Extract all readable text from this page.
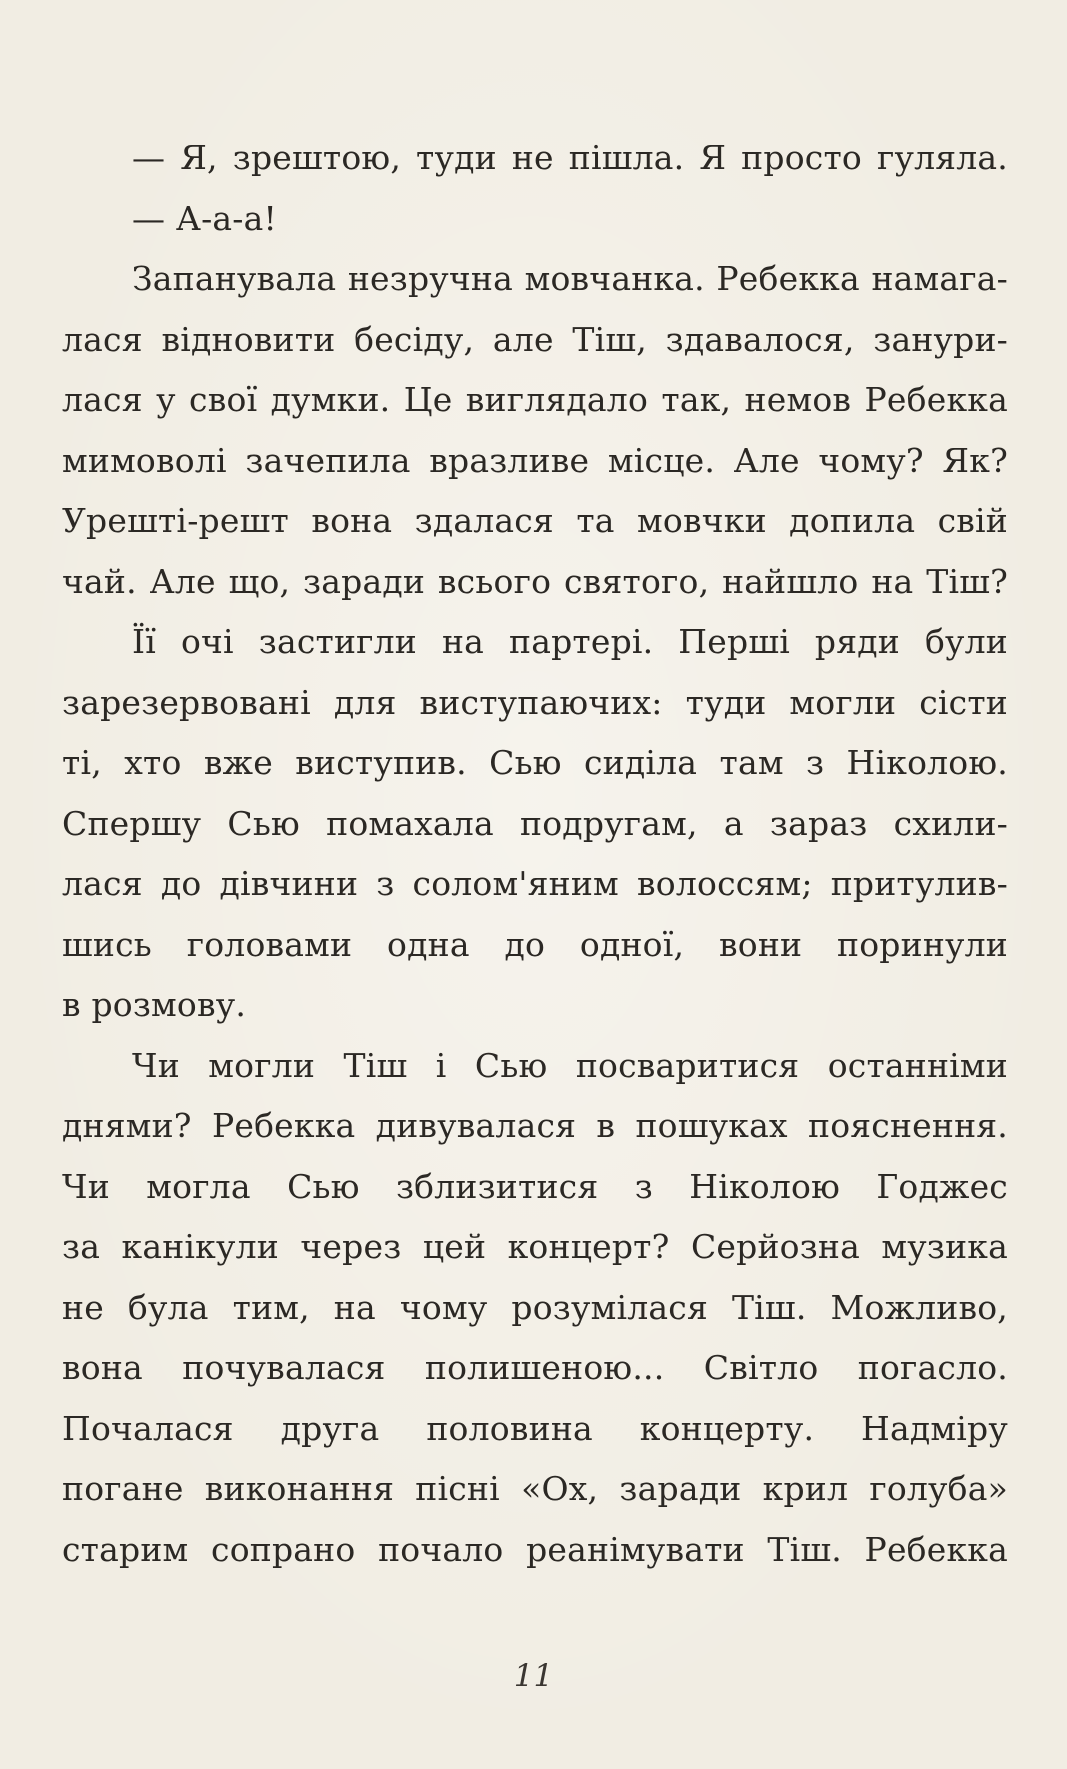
— Я, зрештою, туди не пішла. Я просто гуляла.
— А-а-а!
Запанувала незручна мовчанка. Ребекка намага-
лася відновити бесіду, але Тіш, здавалося, занури-
лася у свої думки. Це виглядало так, немов Ребекка
мимоволі зачепила вразливе місце. Але чому? Як?
Урешті-решт вона здалася та мовчки допила свій
чай. Але що, заради всього святого, найшло на Тіш?
Її очі застигли на партері. Перші ряди були
зарезервовані для виступаючих: туди могли сісти
ті, хто вже виступив. Сью сиділа там з Ніколою.
Спершу Сью помахала подругам, а зараз схили-
лася до дівчини з солом'яним волоссям; притулив-
шись головами одна до одної, вони поринули
в розмову.
Чи могли Тіш і Сью посваритися останніми
днями? Ребекка дивувалася в пошуках пояснення.
Чи могла Сью зблизитися з Ніколою Годжес
за канікули через цей концерт? Серйозна музика
не була тим, на чому розумілася Тіш. Можливо,
вона почувалася полишеною... Світло погасло.
Почалася друга половина концерту. Надміру
погане виконання пісні «Ох, заради крил голуба»
старим сопрано почало реанімувати Тіш. Ребекка
11
